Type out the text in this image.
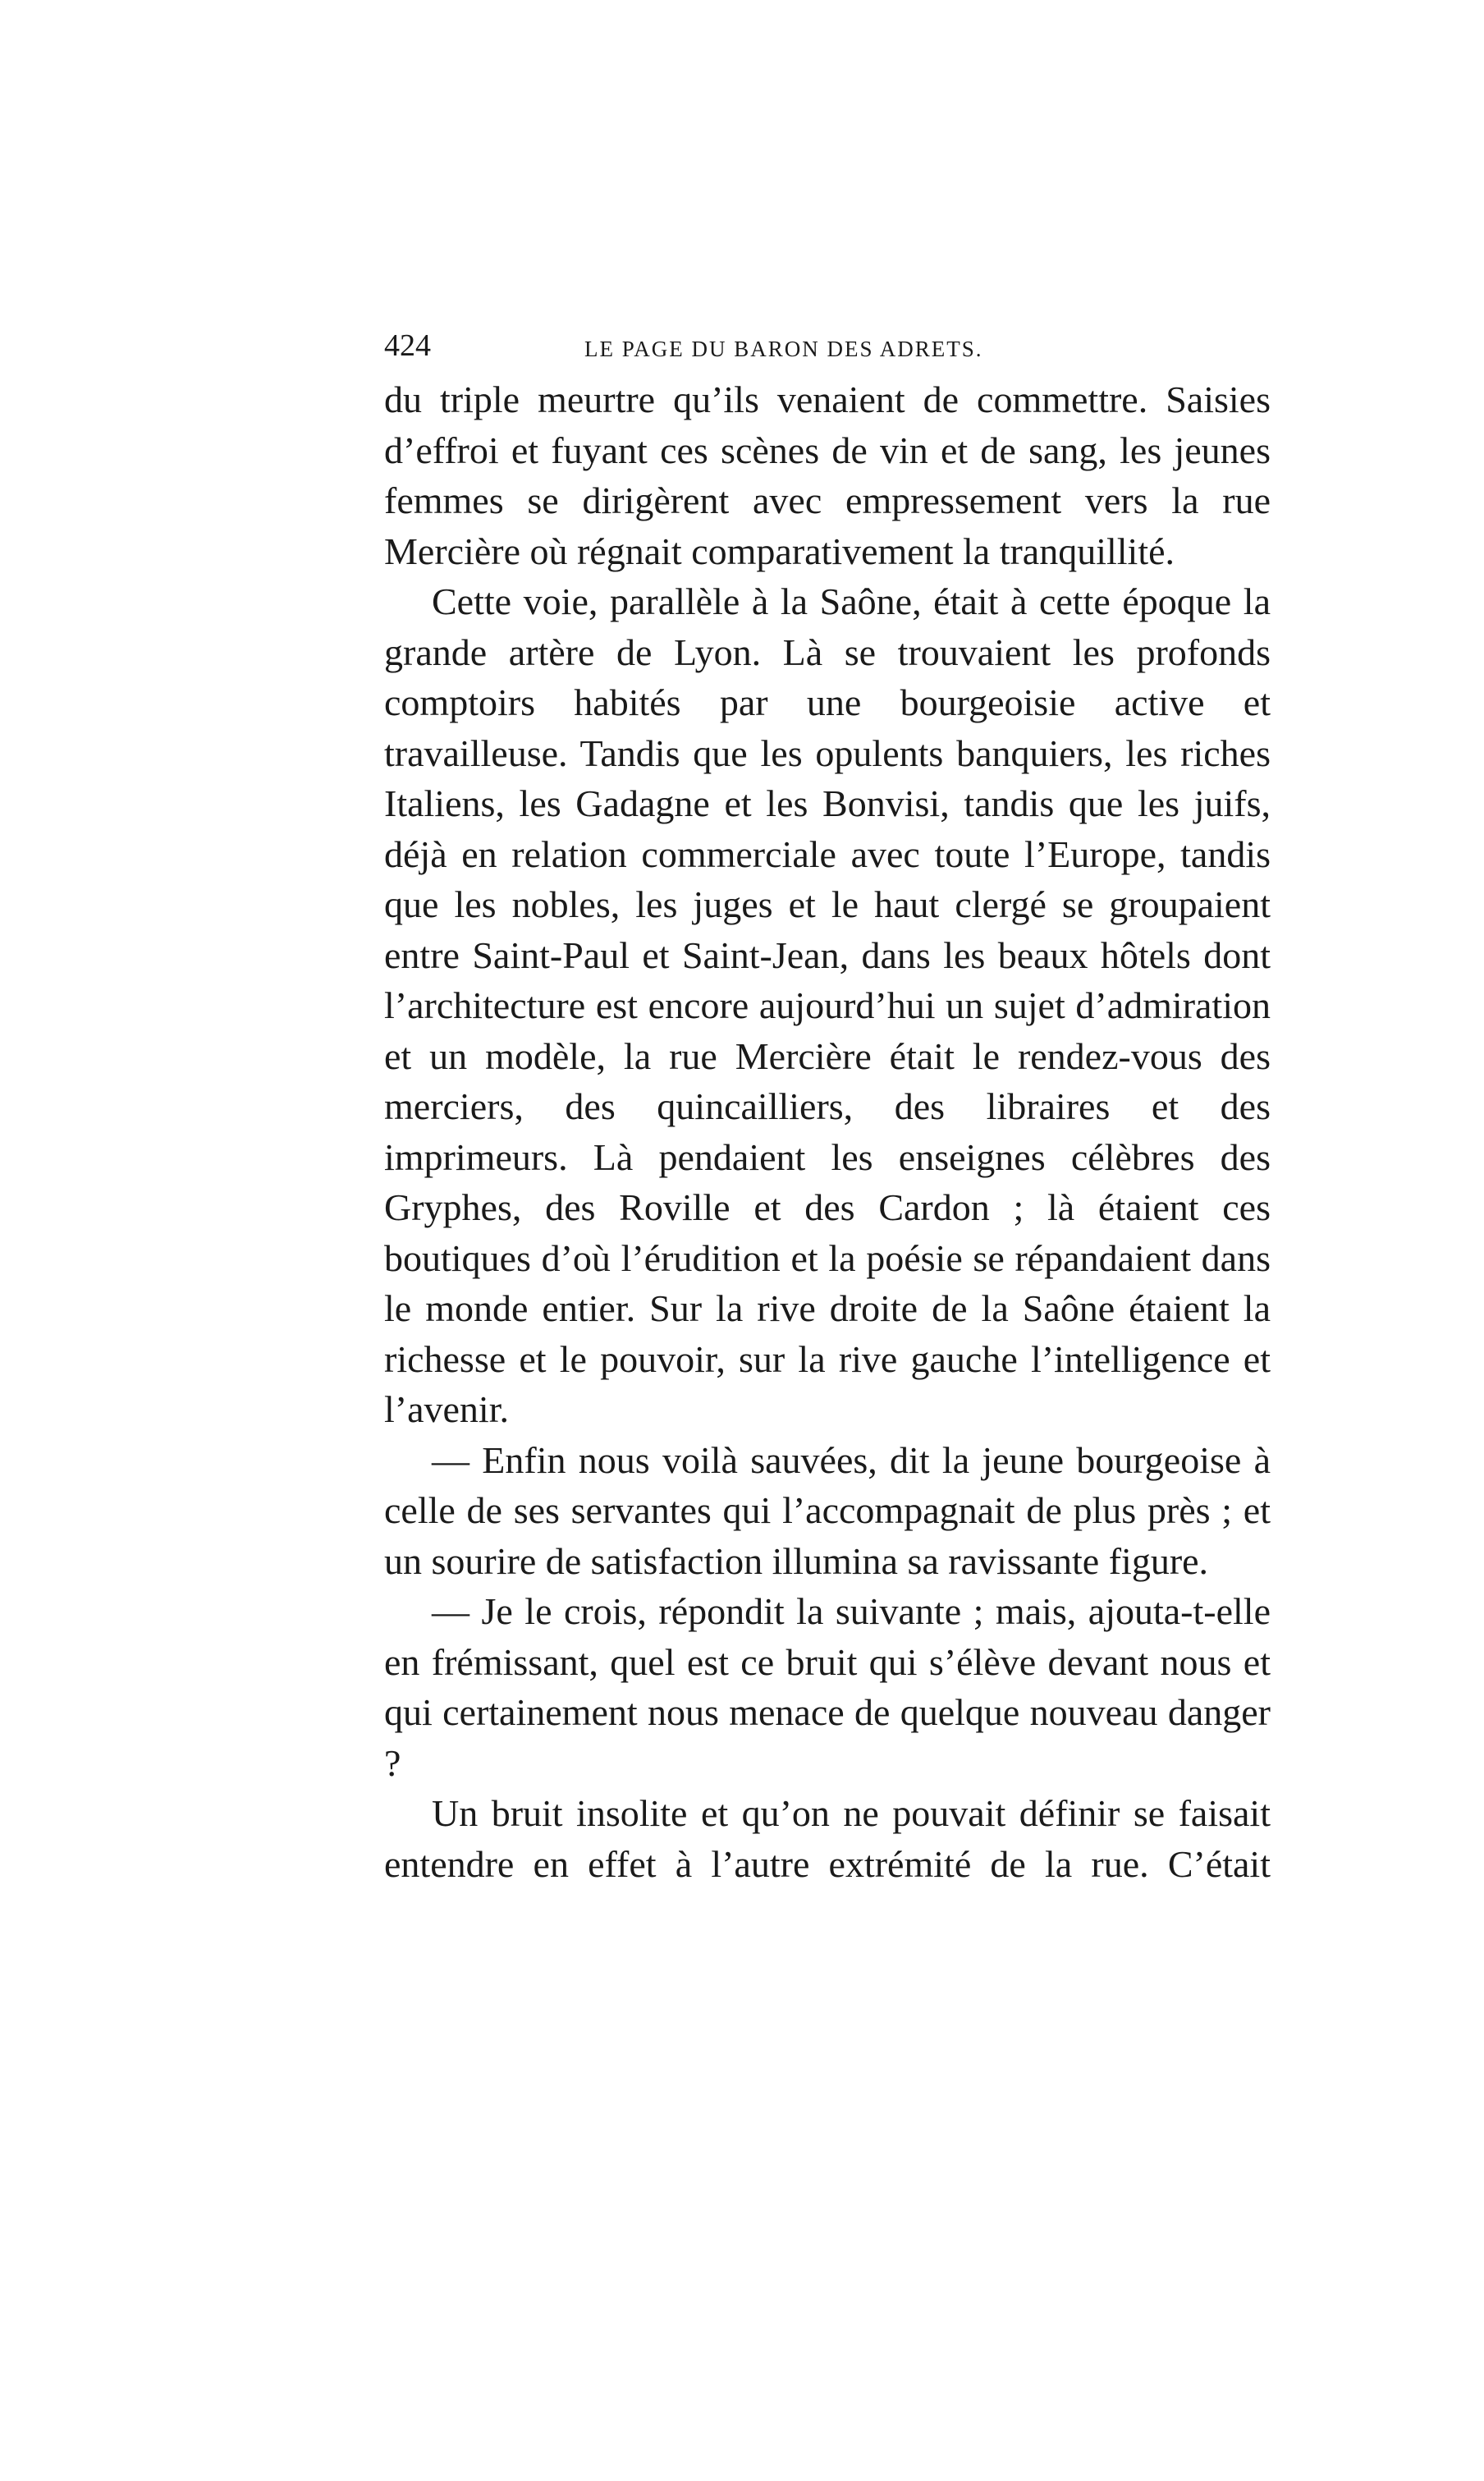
424	LE PAGE DU BARON DES ADRETS.

du triple meurtre qu’ils venaient de commettre. Saisies d’effroi et fuyant ces scènes de vin et de sang, les jeunes femmes se dirigèrent avec empressement vers la rue Mercière où régnait comparativement la tranquillité.

Cette voie, parallèle à la Saône, était à cette époque la grande artère de Lyon. Là se trouvaient les profonds comptoirs habités par une bourgeoisie active et travailleuse. Tandis que les opulents banquiers, les riches Italiens, les Gadagne et les Bonvisi, tandis que les juifs, déjà en relation commerciale avec toute l’Europe, tandis que les nobles, les juges et le haut clergé se groupaient entre Saint-Paul et Saint-Jean, dans les beaux hôtels dont l’architecture est encore aujourd’hui un sujet d’admiration et un modèle, la rue Mercière était le rendez-vous des merciers, des quincailliers, des libraires et des imprimeurs. Là pendaient les enseignes célèbres des Gryphes, des Roville et des Cardon ; là étaient ces boutiques d’où l’érudition et la poésie se répandaient dans le monde entier. Sur la rive droite de la Saône étaient la richesse et le pouvoir, sur la rive gauche l’intelligence et l’avenir.

— Enfin nous voilà sauvées, dit la jeune bourgeoise à celle de ses servantes qui l’accompagnait de plus près ; et un sourire de satisfaction illumina sa ravissante figure.

— Je le crois, répondit la suivante ; mais, ajouta-t-elle en frémissant, quel est ce bruit qui s’élève devant nous et qui certainement nous menace de quelque nouveau danger ?

Un bruit insolite et qu’on ne pouvait définir se faisait entendre en effet à l’autre extrémité de la rue. C’était
